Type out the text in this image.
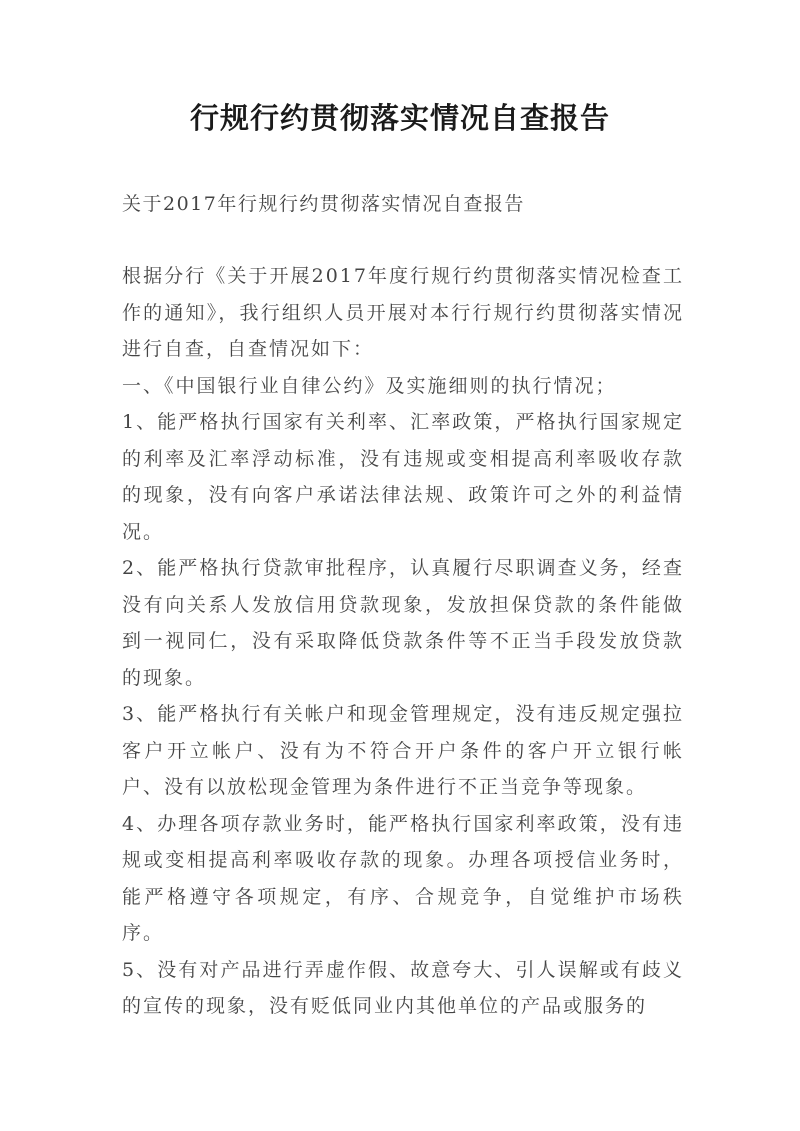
行规行约贯彻落实情况自查报告

关于2017年行规行约贯彻落实情况自查报告

根据分行《关于开展2017年度行规行约贯彻落实情况检查工作的通知》，我行组织人员开展对本行行规行约贯彻落实情况进行自查，自查情况如下：

一、《中国银行业自律公约》及实施细则的执行情况；

1、能严格执行国家有关利率、汇率政策，严格执行国家规定的利率及汇率浮动标准，没有违规或变相提高利率吸收存款的现象，没有向客户承诺法律法规、政策许可之外的利益情况。

2、能严格执行贷款审批程序，认真履行尽职调查义务，经查没有向关系人发放信用贷款现象，发放担保贷款的条件能做到一视同仁，没有采取降低贷款条件等不正当手段发放贷款的现象。

3、能严格执行有关帐户和现金管理规定，没有违反规定强拉客户开立帐户、没有为不符合开户条件的客户开立银行帐户、没有以放松现金管理为条件进行不正当竞争等现象。

4、办理各项存款业务时，能严格执行国家利率政策，没有违规或变相提高利率吸收存款的现象。办理各项授信业务时，能严格遵守各项规定，有序、合规竞争，自觉维护市场秩序。

5、没有对产品进行弄虚作假、故意夸大、引人误解或有歧义的宣传的现象，没有贬低同业内其他单位的产品或服务的
